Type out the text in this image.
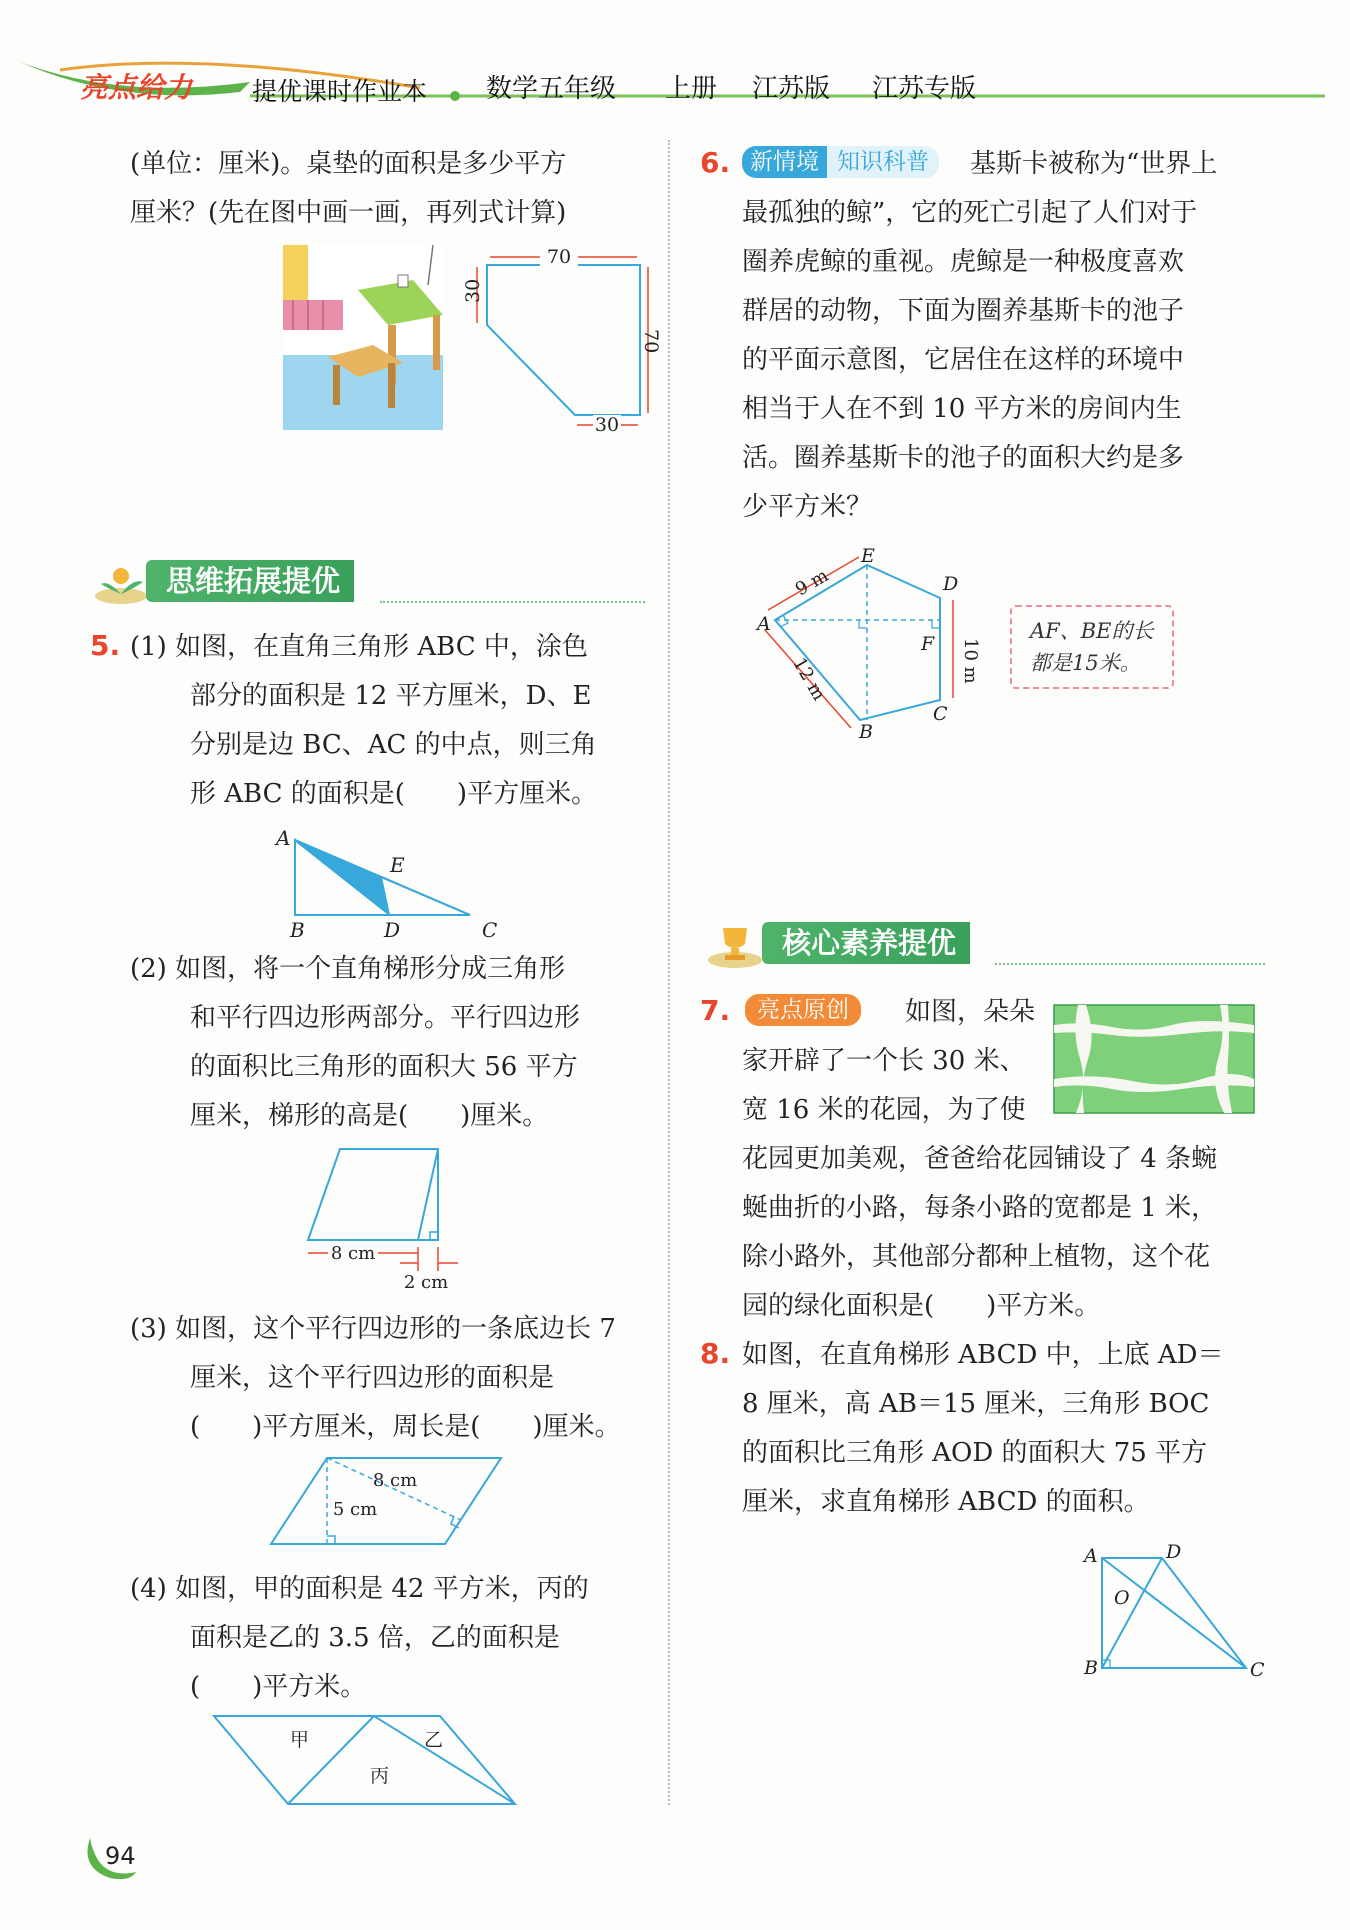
亮点给力 提优课时作业本 数学五年级 上册 江苏版 江苏专版
(单位：厘米)。桌垫的面积是多少平方
厘米？(先在图中画一画，再列式计算)
70
30
70
30
思维拓展提优
5. (1) 如图，在直角三角形 ABC 中，涂色
部分的面积是 12 平方厘米，D、E
分别是边 BC、AC 的中点，则三角
形 ABC 的面积是(　　)平方厘米。
A
E
B	D	C
(2) 如图，将一个直角梯形分成三角形
和平行四边形两部分。平行四边形
的面积比三角形的面积大 56 平方
厘米，梯形的高是(　　)厘米。
8 cm
2 cm
(3) 如图，这个平行四边形的一条底边长 7
厘米，这个平行四边形的面积是
(　　)平方厘米，周长是(　　)厘米。
8 cm
5 cm
(4) 如图，甲的面积是 42 平方米，丙的
面积是乙的 3.5 倍，乙的面积是
(　　)平方米。
甲	乙
丙
6. 新情境 知识科普	基斯卡被称为“世界上
最孤独的鲸”，它的死亡引起了人们对于
圈养虎鲸的重视。虎鲸是一种极度喜欢
群居的动物，下面为圈养基斯卡的池子
的平面示意图，它居住在这样的环境中
相当于人在不到 10 平方米的房间内生
活。圈养基斯卡的池子的面积大约是多
少平方米？
E
D
A
F
B
C
9 m
12 m	10 m
AF、BE的长
都是15米。
核心素养提优
7.	亮点原创	如图，朵朵
家开辟了一个长 30 米、
宽 16 米的花园，为了使
花园更加美观，爸爸给花园铺设了 4 条蜿
蜒曲折的小路，每条小路的宽都是 1 米，
除小路外，其他部分都种上植物，这个花
园的绿化面积是(　　)平方米。
8. 如图，在直角梯形 ABCD 中，上底 AD＝
8 厘米，高 AB＝15 厘米，三角形 BOC
的面积比三角形 AOD 的面积大 75 平方
厘米，求直角梯形 ABCD 的面积。
A	D
O
B	C
94
